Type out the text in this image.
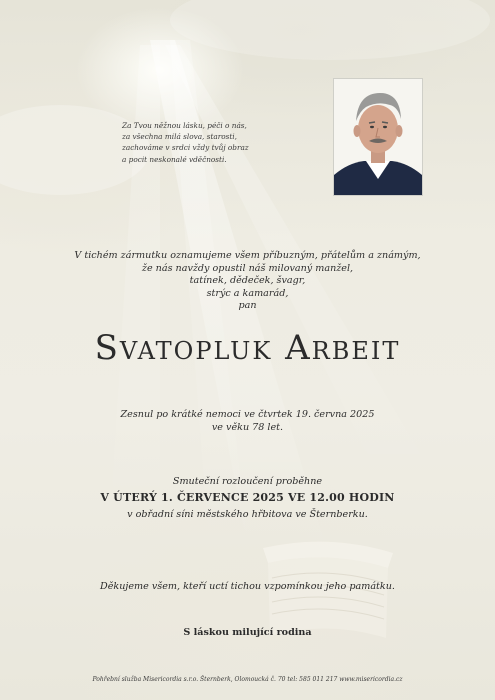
Za Tvou něžnou lásku, péči o nás,
za všechna milá slova, starosti,
zachováme v srdci vždy tvůj obraz
a pocit neskonalé vděčnosti.
V tichém zármutku oznamujeme všem příbuzným, přátelům a známým,
že nás navždy opustil náš milovaný manžel,
tatínek, dědeček, švagr,
strýc a kamarád,
pan
Svatopluk Arbeit
Zesnul po krátké nemoci ve čtvrtek 19. června 2025
ve věku 78 let.
Smuteční rozloučení proběhne
V ÚTERÝ 1. ČERVENCE 2025 VE 12.00 HODIN
v obřadní síni městského hřbitova ve Šternberku.
Děkujeme všem, kteří uctí tichou vzpomínkou jeho památku.
S láskou milující rodina
Pohřební služba Misericordia s.r.o. Šternberk, Olomoucká č. 70 tel: 585 011 217 www.misericordia.cz
